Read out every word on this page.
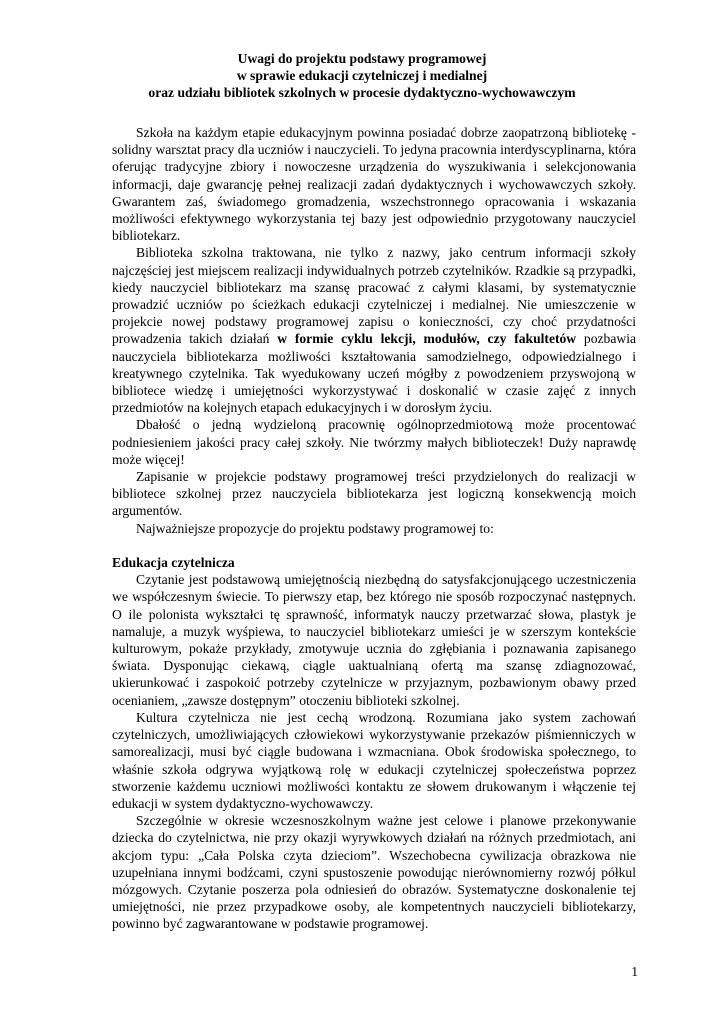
Uwagi do projektu podstawy programowej
w sprawie edukacji czytelniczej i medialnej
oraz udziału bibliotek szkolnych w procesie dydaktyczno-wychowawczym

Szkoła na każdym etapie edukacyjnym powinna posiadać dobrze zaopatrzoną bibliotekę - solidny warsztat pracy dla uczniów i nauczycieli. To jedyna pracownia interdyscyplinarna, która oferując tradycyjne zbiory i nowoczesne urządzenia do wyszukiwania i selekcjonowania informacji, daje gwarancję pełnej realizacji zadań dydaktycznych i wychowawczych szkoły. Gwarantem zaś, świadomego gromadzenia, wszechstronnego opracowania i wskazania możliwości efektywnego wykorzystania tej bazy jest odpowiednio przygotowany nauczyciel bibliotekarz.

Biblioteka szkolna traktowana, nie tylko z nazwy, jako centrum informacji szkoły najczęściej jest miejscem realizacji indywidualnych potrzeb czytelników. Rzadkie są przypadki, kiedy nauczyciel bibliotekarz ma szansę pracować z całymi klasami, by systematycznie prowadzić uczniów po ścieżkach edukacji czytelniczej i medialnej. Nie umieszczenie w projekcie nowej podstawy programowej zapisu o konieczności, czy choć przydatności prowadzenia takich działań w formie cyklu lekcji, modułów, czy fakultetów pozbawia nauczyciela bibliotekarza możliwości kształtowania samodzielnego, odpowiedzialnego i kreatywnego czytelnika. Tak wyedukowany uczeń mógłby z powodzeniem przyswojoną w bibliotece wiedzę i umiejętności wykorzystywać i doskonalić w czasie zajęć z innych przedmiotów na kolejnych etapach edukacyjnych i w dorosłym życiu.

Dbałość o jedną wydzieloną pracownię ogólnoprzedmiotową może procentować podniesieniem jakości pracy całej szkoły. Nie twórzmy małych biblioteczek! Duży naprawdę może więcej!

Zapisanie w projekcie podstawy programowej treści przydzielonych do realizacji w bibliotece szkolnej przez nauczyciela bibliotekarza jest logiczną konsekwencją moich argumentów.

Najważniejsze propozycje do projektu podstawy programowej to:

Edukacja czytelnicza

Czytanie jest podstawową umiejętnością niezbędną do satysfakcjonującego uczestniczenia we współczesnym świecie. To pierwszy etap, bez którego nie sposób rozpoczynać następnych. O ile polonista wykształci tę sprawność, informatyk nauczy przetwarzać słowa, plastyk je namaluje, a muzyk wyśpiewa, to nauczyciel bibliotekarz umieści je w szerszym kontekście kulturowym, pokaże przykłady, zmotywuje ucznia do zgłębiania i poznawania zapisanego świata. Dysponując ciekawą, ciągle uaktualnianą ofertą ma szansę zdiagnozować, ukierunkować i zaspokoić potrzeby czytelnicze w przyjaznym, pozbawionym obawy przed ocenianiem, „zawsze dostępnym” otoczeniu biblioteki szkolnej.

Kultura czytelnicza nie jest cechą wrodzoną. Rozumiana jako system zachowań czytelniczych, umożliwiających człowiekowi wykorzystywanie przekazów piśmienniczych w samorealizacji, musi być ciągle budowana i wzmacniana. Obok środowiska społecznego, to właśnie szkoła odgrywa wyjątkową rolę w edukacji czytelniczej społeczeństwa poprzez stworzenie każdemu uczniowi możliwości kontaktu ze słowem drukowanym i włączenie tej edukacji w system dydaktyczno-wychowawczy.

Szczególnie w okresie wczesnoszkolnym ważne jest celowe i planowe przekonywanie dziecka do czytelnictwa, nie przy okazji wyrywkowych działań na różnych przedmiotach, ani akcjom typu: „Cała Polska czyta dzieciom”. Wszechobecna cywilizacja obrazkowa nie uzupełniana innymi bodźcami, czyni spustoszenie powodując nierównomierny rozwój półkul mózgowych. Czytanie poszerza pola odniesień do obrazów. Systematyczne doskonalenie tej umiejętności, nie przez przypadkowe osoby, ale kompetentnych nauczycieli bibliotekarzy, powinno być zagwarantowane w podstawie programowej.

1
